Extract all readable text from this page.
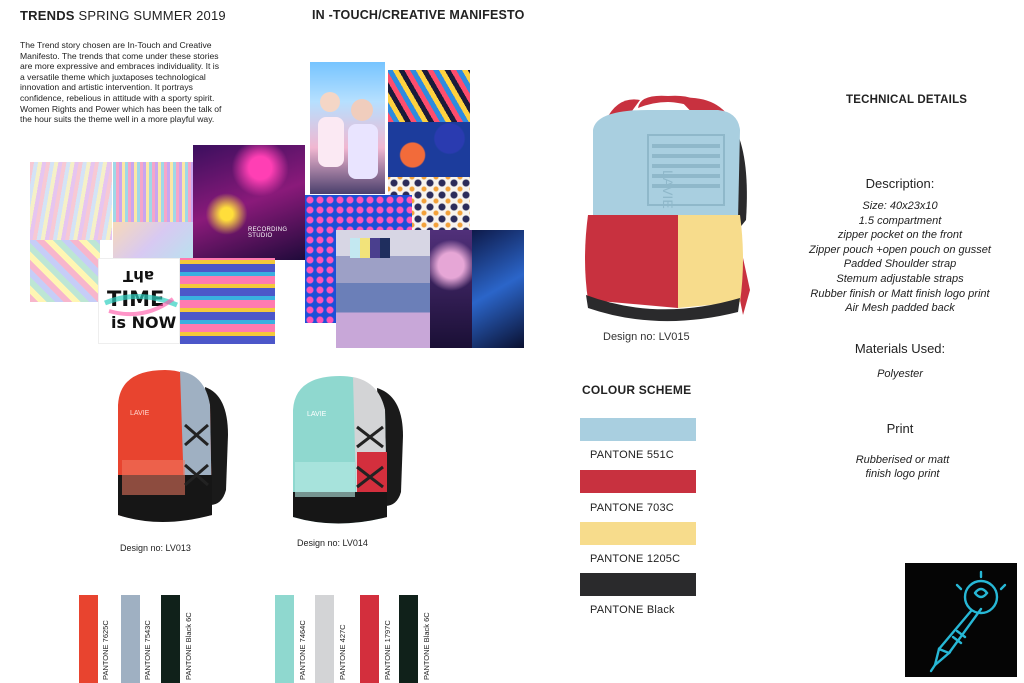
TRENDS SPRING SUMMER 2019	IN -TOUCH/CREATIVE MANIFESTO
The Trend story chosen are In-Touch and Creative Manifesto. The trends that come under these stories are more expressive and embraces individuality. It is a versatile theme which juxtaposes technological innovation and artistic intervention. It portrays confidence, rebelious in attitude with a sporty spirit. Women Rights and Power which has been the talk of the hour suits the theme well in a more playful way.
RECORDING STUDIO
ahT
TIME
is NOW
LAVIE
Design no: LV013
LAVIE
Design no: LV014
PANTONE 7625C	PANTONE 7543C	PANTONE Black 6C	PANTONE 7464C	PANTONE 427C	PANTONE 1797C	PANTONE Black 6C
LAVIE
Design no: LV015
COLOUR SCHEME
PANTONE 551C
PANTONE 703C
PANTONE 1205C
PANTONE Black
TECHNICAL DETAILS
Description:
Size: 40x23x10
1.5 compartment
zipper pocket on the front
Zipper pouch +open pouch on gusset
Padded Shoulder strap
Stemum adjustable straps
Rubber finish or Matt finish logo print
Air Mesh padded back
Materials Used:
Polyester
Print
Rubberised or matt
finish logo print
